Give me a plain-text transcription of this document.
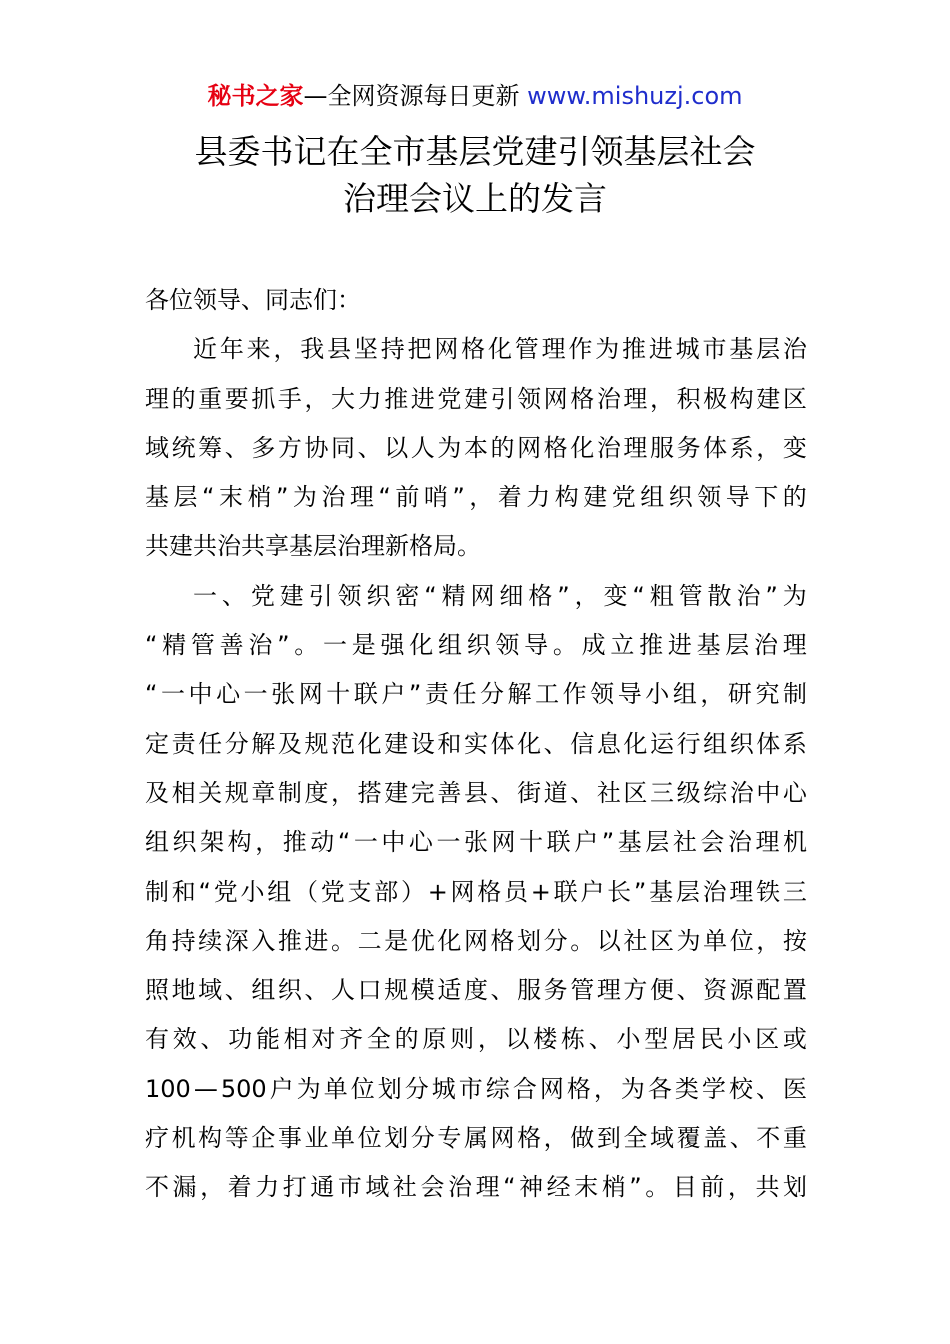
秘书之家—全网资源每日更新 www.mishuzj.com
县委书记在全市基层党建引领基层社会
治理会议上的发言
各位领导、同志们：
近 年 来 ， 我 县 坚 持 把 网 格 化 管 理 作 为 推 进 城 市 基 层 治
理 的 重 要 抓 手 ， 大 力 推 进 党 建 引 领 网 格 治 理 ， 积 极 构 建 区
域 统 筹 、 多 方 协 同 、 以 人 为 本 的 网 格 化 治 理 服 务 体 系 ， 变
基 层 “ 末 梢 ” 为 治 理 “ 前 哨 ” ， 着 力 构 建 党 组 织 领 导 下 的
共建共治共享基层治理新格局。
一 、 党 建 引 领 织 密 “ 精 网 细 格 ” ， 变 “ 粗 管 散 治 ” 为
“ 精 管 善 治 ” 。 一 是 强 化 组 织 领 导 。 成 立 推 进 基 层 治 理
“ 一 中 心 一 张 网 十 联 户 ” 责 任 分 解 工 作 领 导 小 组 ， 研 究 制
定 责 任 分 解 及 规 范 化 建 设 和 实 体 化 、 信 息 化 运 行 组 织 体 系
及 相 关 规 章 制 度 ， 搭 建 完 善 县 、 街 道 、 社 区 三 级 综 治 中 心
组 织 架 构 ， 推 动 “ 一 中 心 一 张 网 十 联 户 ” 基 层 社 会 治 理 机
制 和 “ 党 小 组 （ 党 支 部 ） + 网 格 员 + 联 户 长 ” 基 层 治 理 铁 三
角 持 续 深 入 推 进 。 二 是 优 化 网 格 划 分 。 以 社 区 为 单 位 ， 按
照 地 域 、 组 织 、 人 口 规 模 适 度 、 服 务 管 理 方 便 、 资 源 配 置
有 效 、 功 能 相 对 齐 全 的 原 则 ， 以 楼 栋 、 小 型 居 民 小 区 或
100 — 500 户 为 单 位 划 分 城 市 综 合 网 格 ， 为 各 类 学 校 、 医
疗 机 构 等 企 事 业 单 位 划 分 专 属 网 格 ， 做 到 全 域 覆 盖 、 不 重
不 漏 ， 着 力 打 通 市 域 社 会 治 理 “ 神 经 末 梢 ” 。 目 前 ， 共 划
